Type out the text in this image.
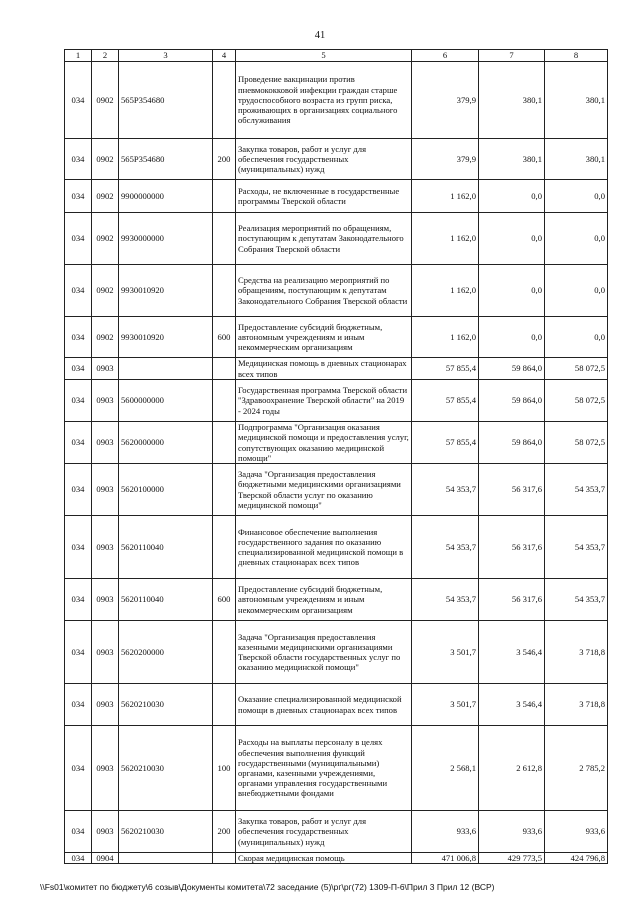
41
1	2	3	4	5	6	7	8
034	0902	565Р354680		Проведение вакцинации против пневмококковой инфекции граждан старше трудоспособного возраста из групп риска, проживающих в организациях социального обслуживания	379,9	380,1	380,1
034	0902	565Р354680	200	Закупка товаров, работ и услуг для обеспечения государственных (муниципальных) нужд	379,9	380,1	380,1
034	0902	9900000000		Расходы, не включенные в государственные программы Тверской области	1 162,0	0,0	0,0
034	0902	9930000000		Реализация мероприятий по обращениям, поступающим к депутатам Законодательного Собрания Тверской области	1 162,0	0,0	0,0
034	0902	9930010920		Средства на реализацию мероприятий по обращениям, поступающим к депутатам Законодательного Собрания Тверской области	1 162,0	0,0	0,0
034	0902	9930010920	600	Предоставление субсидий бюджетным, автономным учреждениям и иным некоммерческим организациям	1 162,0	0,0	0,0
034	0903			Медицинская помощь в дневных стационарах всех типов	57 855,4	59 864,0	58 072,5
034	0903	5600000000		Государственная программа Тверской области "Здравоохранение Тверской области" на 2019 - 2024 годы	57 855,4	59 864,0	58 072,5
034	0903	5620000000		Подпрограмма "Организация оказания медицинской помощи и предоставления услуг, сопутствующих оказанию медицинской помощи"	57 855,4	59 864,0	58 072,5
034	0903	5620100000		Задача "Организация предоставления бюджетными медицинскими организациями Тверской области услуг по оказанию медицинской помощи"	54 353,7	56 317,6	54 353,7
034	0903	5620110040		Финансовое обеспечение выполнения государственного задания по оказанию специализированной медицинской помощи в дневных стационарах всех типов	54 353,7	56 317,6	54 353,7
034	0903	5620110040	600	Предоставление субсидий бюджетным, автономным учреждениям и иным некоммерческим организациям	54 353,7	56 317,6	54 353,7
034	0903	5620200000		Задача "Организация предоставления казенными медицинскими организациями Тверской области государственных услуг по оказанию медицинской помощи"	3 501,7	3 546,4	3 718,8
034	0903	5620210030		Оказание специализированной медицинской помощи в дневных стационарах всех типов	3 501,7	3 546,4	3 718,8
034	0903	5620210030	100	Расходы на выплаты персоналу в целях обеспечения выполнения функций государственными (муниципальными) органами, казенными учреждениями, органами управления государственными внебюджетными фондами	2 568,1	2 612,8	2 785,2
034	0903	5620210030	200	Закупка товаров, работ и услуг для обеспечения государственных (муниципальных) нужд	933,6	933,6	933,6
034	0904			Скорая медицинская помощь	471 006,8	429 773,5	424 796,8
\\Fs01\комитет по бюджету\6 созыв\Документы комитета\72 заседание (5)\рг\рг(72) 1309-П-6\Прил 3 Прил 12 (ВСР)
